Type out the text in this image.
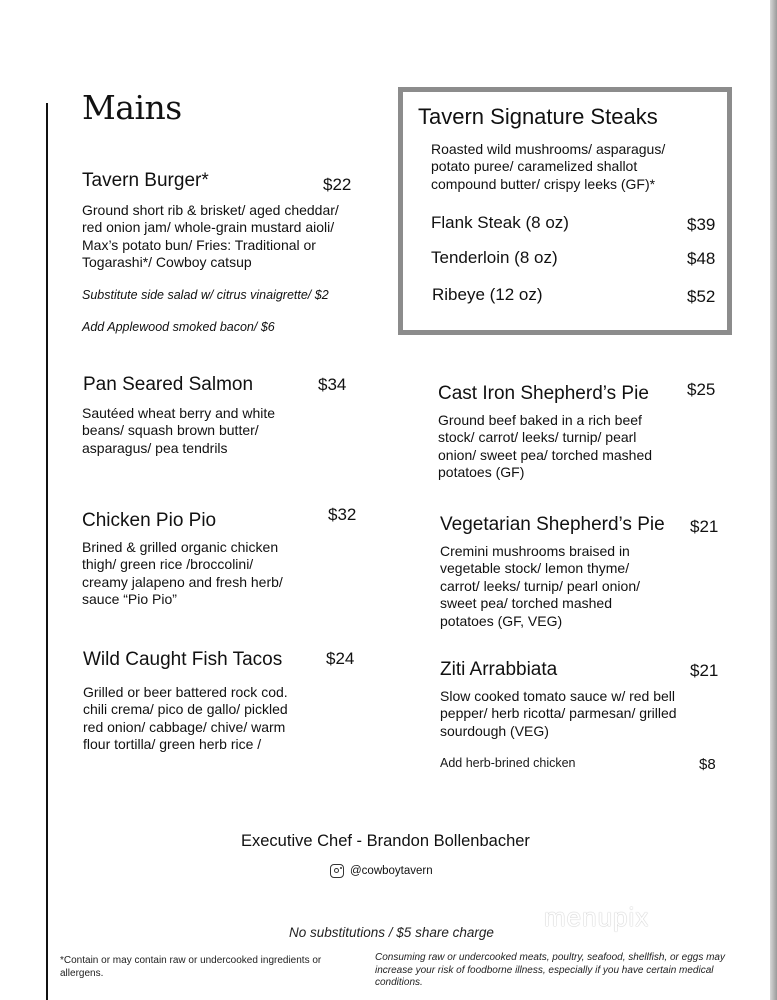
Mains
Tavern Burger*	$22
Ground short rib & brisket/ aged cheddar/ red onion jam/ whole-grain mustard aioli/ Max’s potato bun/ Fries: Traditional or Togarashi*/ Cowboy catsup
Substitute side salad w/ citrus vinaigrette/ $2
Add Applewood smoked bacon/ $6
Pan Seared Salmon	$34
Sautéed wheat berry and white beans/ squash brown butter/ asparagus/ pea tendrils
Chicken Pio Pio	$32
Brined & grilled organic chicken thigh/ green rice /broccolini/ creamy jalapeno and fresh herb/ sauce “Pio Pio”
Wild Caught Fish Tacos	$24
Grilled or beer battered rock cod. chili crema/ pico de gallo/ pickled red onion/ cabbage/ chive/ warm flour tortilla/ green herb rice /
Tavern Signature Steaks
Roasted wild mushrooms/ asparagus/ potato puree/ caramelized shallot compound butter/ crispy leeks (GF)*
Flank Steak (8 oz)	$39
Tenderloin (8 oz)	$48
Ribeye (12 oz)	$52
Cast Iron Shepherd’s Pie $25
Ground beef baked in a rich beef stock/ carrot/ leeks/ turnip/ pearl onion/ sweet pea/ torched mashed potatoes (GF)
Vegetarian Shepherd’s Pie $21
Cremini mushrooms braised in vegetable stock/ lemon thyme/ carrot/ leeks/ turnip/ pearl onion/ sweet pea/ torched mashed potatoes (GF, VEG)
Ziti Arrabbiata	$21
Slow cooked tomato sauce w/ red bell pepper/ herb ricotta/ parmesan/ grilled sourdough (VEG)
Add herb-brined chicken	$8
Executive Chef - Brandon Bollenbacher
@cowboytavern
menupix
No substitutions / $5 share charge
*Contain or may contain raw or undercooked ingredients or allergens.
Consuming raw or undercooked meats, poultry, seafood, shellfish, or eggs may increase your risk of foodborne illness, especially if you have certain medical conditions.
